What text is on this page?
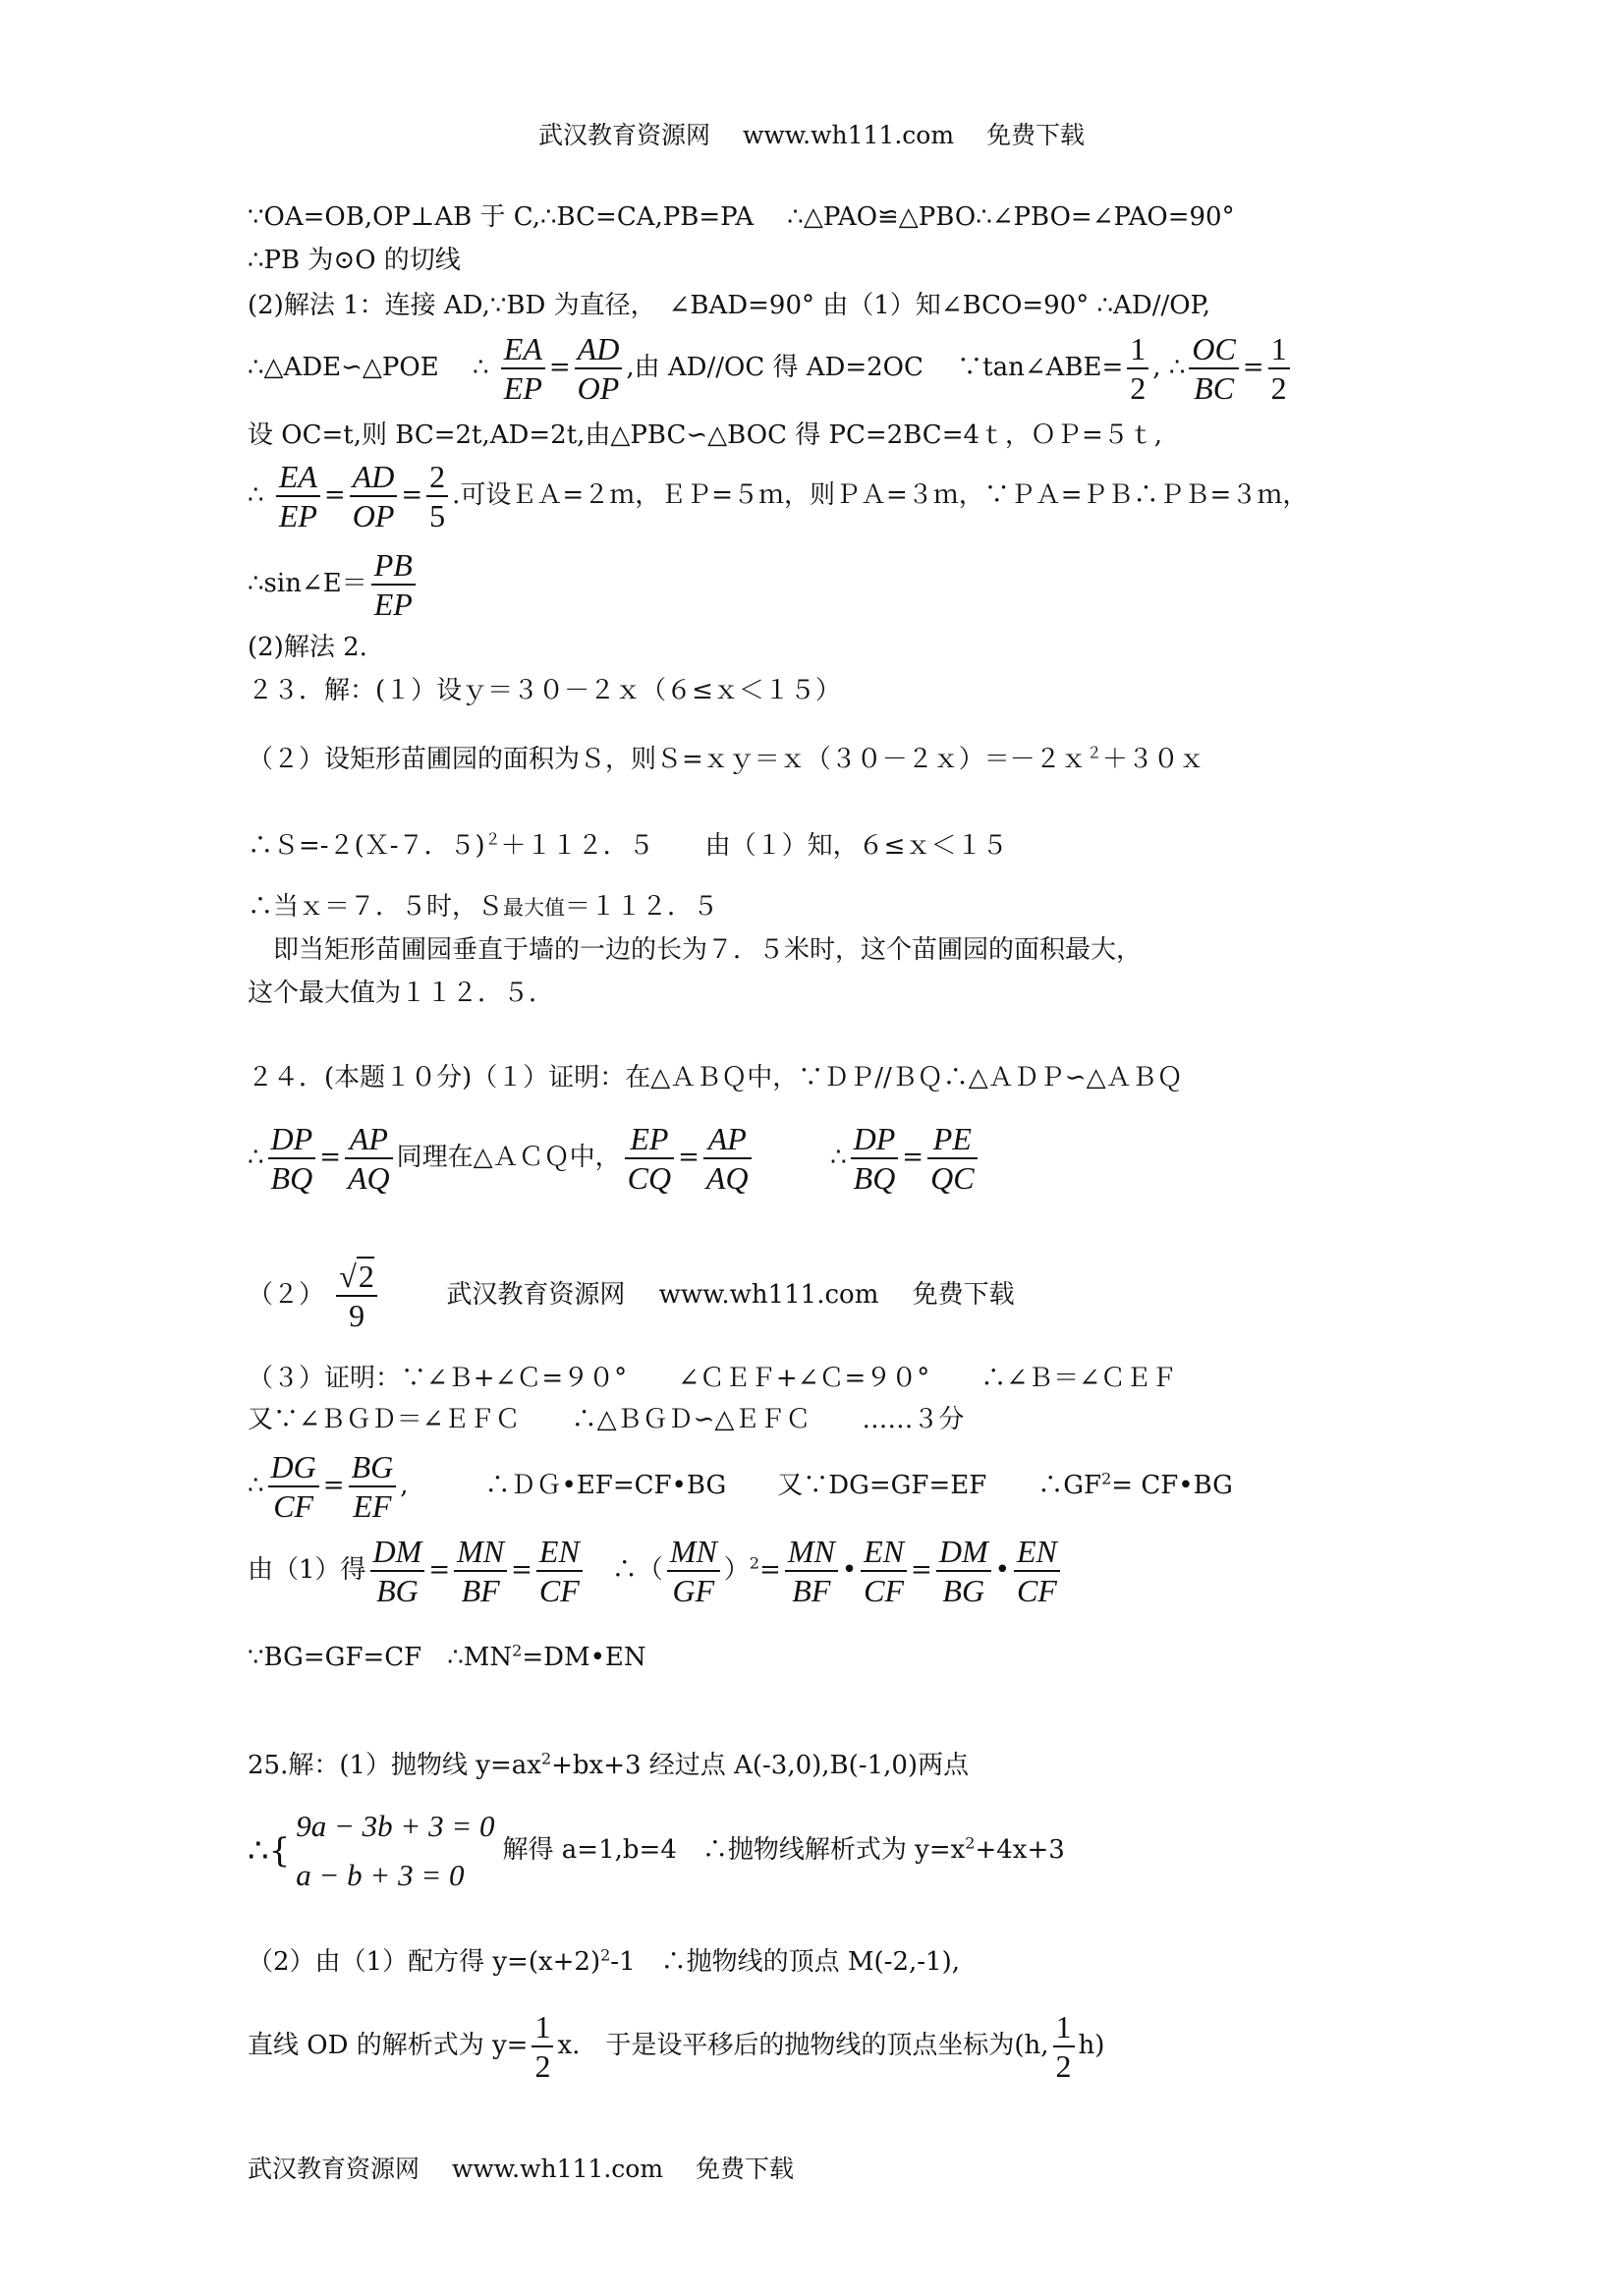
武汉教育资源网 　www.wh111.com　 免费下载
∵OA=OB,OP⊥AB 于 C,∴BC=CA,PB=PA　 ∴△PAO≌△PBO∴∠PBO=∠PAO=90°
∴PB 为⊙O 的切线
(2)解法 1：连接 AD,∵BD 为直径，　∠BAD=90° 由（1）知∠BCO=90° ∴AD//OP,
∴△ADE∽△POE 　∴ $\frac{EA}{EP} = \frac{AD}{OP}$ ,由 AD//OC 得 AD=2OC　 ∵tan∠ABE= $\frac{1}{2}$ , ∴ $\frac{OC}{BC} = \frac{1}{2}$
设 OC=t,则 BC=2t,AD=2t,由△PBC∽△BOC 得 PC=2BC=4ｔ，ＯＰ=５ｔ,
∴ $\frac{EA}{EP} = \frac{AD}{OP} = \frac{2}{5}$ .可设ＥＡ=２ｍ，ＥＰ=５ｍ，则ＰＡ=３ｍ，∵ＰＡ=ＰＢ∴ＰＢ=３ｍ，
∴sin∠E＝ $\frac{PB}{EP}$
(2)解法 2.
２３．解：(１）设ｙ＝３０－２ｘ（６≤ｘ＜１５）
（２）设矩形苗圃园的面积为Ｓ，则Ｓ=ｘｙ＝ｘ（３０－２ｘ）＝－２ｘ$^2$＋３０ｘ
∴Ｓ=-２(Ｘ-７．５)$^2$＋１１２．５　　由（１）知，６≤ｘ＜１５
∴当ｘ＝７．５时，Ｓ最大值＝１１２．５
　即当矩形苗圃园垂直于墙的一边的长为７．５米时，这个苗圃园的面积最大，
这个最大值为１１２．５．
２４．(本题１０分)（１）证明：在△ＡＢＱ中，∵ＤＰ//ＢＱ∴△ＡＤＰ∽△ＡＢＱ
∴ $\frac{DP}{BQ} = \frac{AP}{AQ}$ 同理在△ＡＣＱ中， $\frac{EP}{CQ} = \frac{AP}{AQ}$	∴ $\frac{DP}{BQ} = \frac{PE}{QC}$
$(2) \frac{√2}{9}$	武汉教育资源网 　www.wh111.com　 免费下载
（３）证明：∵∠Ｂ+∠Ｃ=９０°　　∠ＣＥＦ+∠Ｃ=９０°　　∴∠Ｂ＝∠ＣＥＦ
又∵∠ＢＧＤ＝∠ＥＦＣ　　∴△ＢＧＤ∽△ＥＦＣ　　……３分
∴ $\frac{DG}{CF} = \frac{BG}{EF}$ ,　　　∴ＤＧ•EF=CF•BG　　又∵DG=GF=EF　　$\therefore GF^2=$ CF•BG
由（1）得 $\frac{DM}{BG} = \frac{MN}{BF} = \frac{EN}{CF}$ 　∴（ $\frac{MN}{GF} )^2= \frac{MN}{BF}$ • $\frac{EN}{CF} = \frac{DM}{BG}$ • $\frac{EN}{CF}$
∵BG=GF=CF　$\therefore MN^2=DM•EN$
25.解：(1）抛物线 $y=ax^2+bx+3$ 经过点 A(-3,0),B(-1,0)两点
∴{
9a − 3b + 3 = 0
a − b + 3 = 0
解得 a=1,b=4　∴抛物线解析式为 $y=x^2+4x+3$
（2）由（1）配方得 $y=(x+2)^2-1$　∴抛物线的顶点 M(-2,-1),
直线 OD 的解析式为 $y= \frac{1}{2} x$.　于是设平移后的抛物线的顶点坐标为(h, $\frac{1}{2} h$)
武汉教育资源网 　www.wh111.com　 免费下载
